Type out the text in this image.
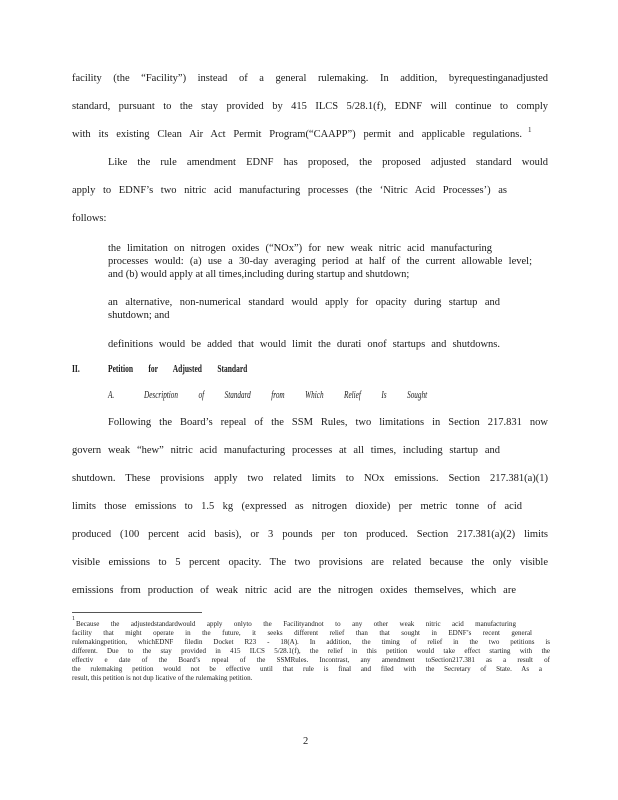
facility (the “Facility”) instead of a general rulemaking. In addition, byrequestinganadjusted
standard, pursuant to the stay provided by 415 ILCS 5/28.1(f), EDNF will continue to comply
with its existing Clean Air Act Permit Program(“CAAPP”) permit and applicable regulations. 1
Like the rule amendment EDNF has proposed, the proposed adjusted standard would
apply to EDNF’s two nitric acid manufacturing processes (the ‘Nitric Acid Processes’) as
follows:
the limitation on nitrogen oxides (“NOx”) for new weak nitric acid manufacturing
processes would: (a) use a 30-day averaging period at half of the current allowable level;
and (b) would apply at all times,including during startup and shutdown;
an alternative, non-numerical standard would apply for opacity during startup and
shutdown; and
definitions would be added that would limit the durati onof startups and shutdowns.
II.	Petition for Adjusted Standard
A.	Description of Standard from Which Relief Is Sought
Following the Board’s repeal of the SSM Rules, two limitations in Section 217.831 now
govern weak “hew” nitric acid manufacturing processes at all times, including startup and
shutdown. These provisions apply two related limits to NOx emissions. Section 217.381(a)(1)
limits those emissions to 1.5 kg (expressed as nitrogen dioxide) per metric tonne of acid
produced (100 percent acid basis), or 3 pounds per ton produced. Section 217.381(a)(2) limits
visible emissions to 5 percent opacity. The two provisions are related because the only visible
emissions from production of weak nitric acid are the nitrogen oxides themselves, which are
1
Because the adjustedstandardwould apply onlyto the Facilityandnot to any other weak nitric acid manufacturing
facility that might operate in the future, it seeks different relief than that sought in EDNF’s recent general
rulemakingpetition, whichEDNF filedin Docket R23 - 18(A). In addition, the timing of relief in the two petitions is
different. Due to the stay provided in 415 ILCS 5/28.1(f), the relief in this petition would take effect starting with the
effectiv e date of the Board’s repeal of the SSMRules. Incontrast, any amendment toSection217.381 as a result of
the rulemaking petition would not be effective until that rule is final and filed with the Secretary of State. As a
result, this petition is not dup licative of the rulemaking petition.
2
